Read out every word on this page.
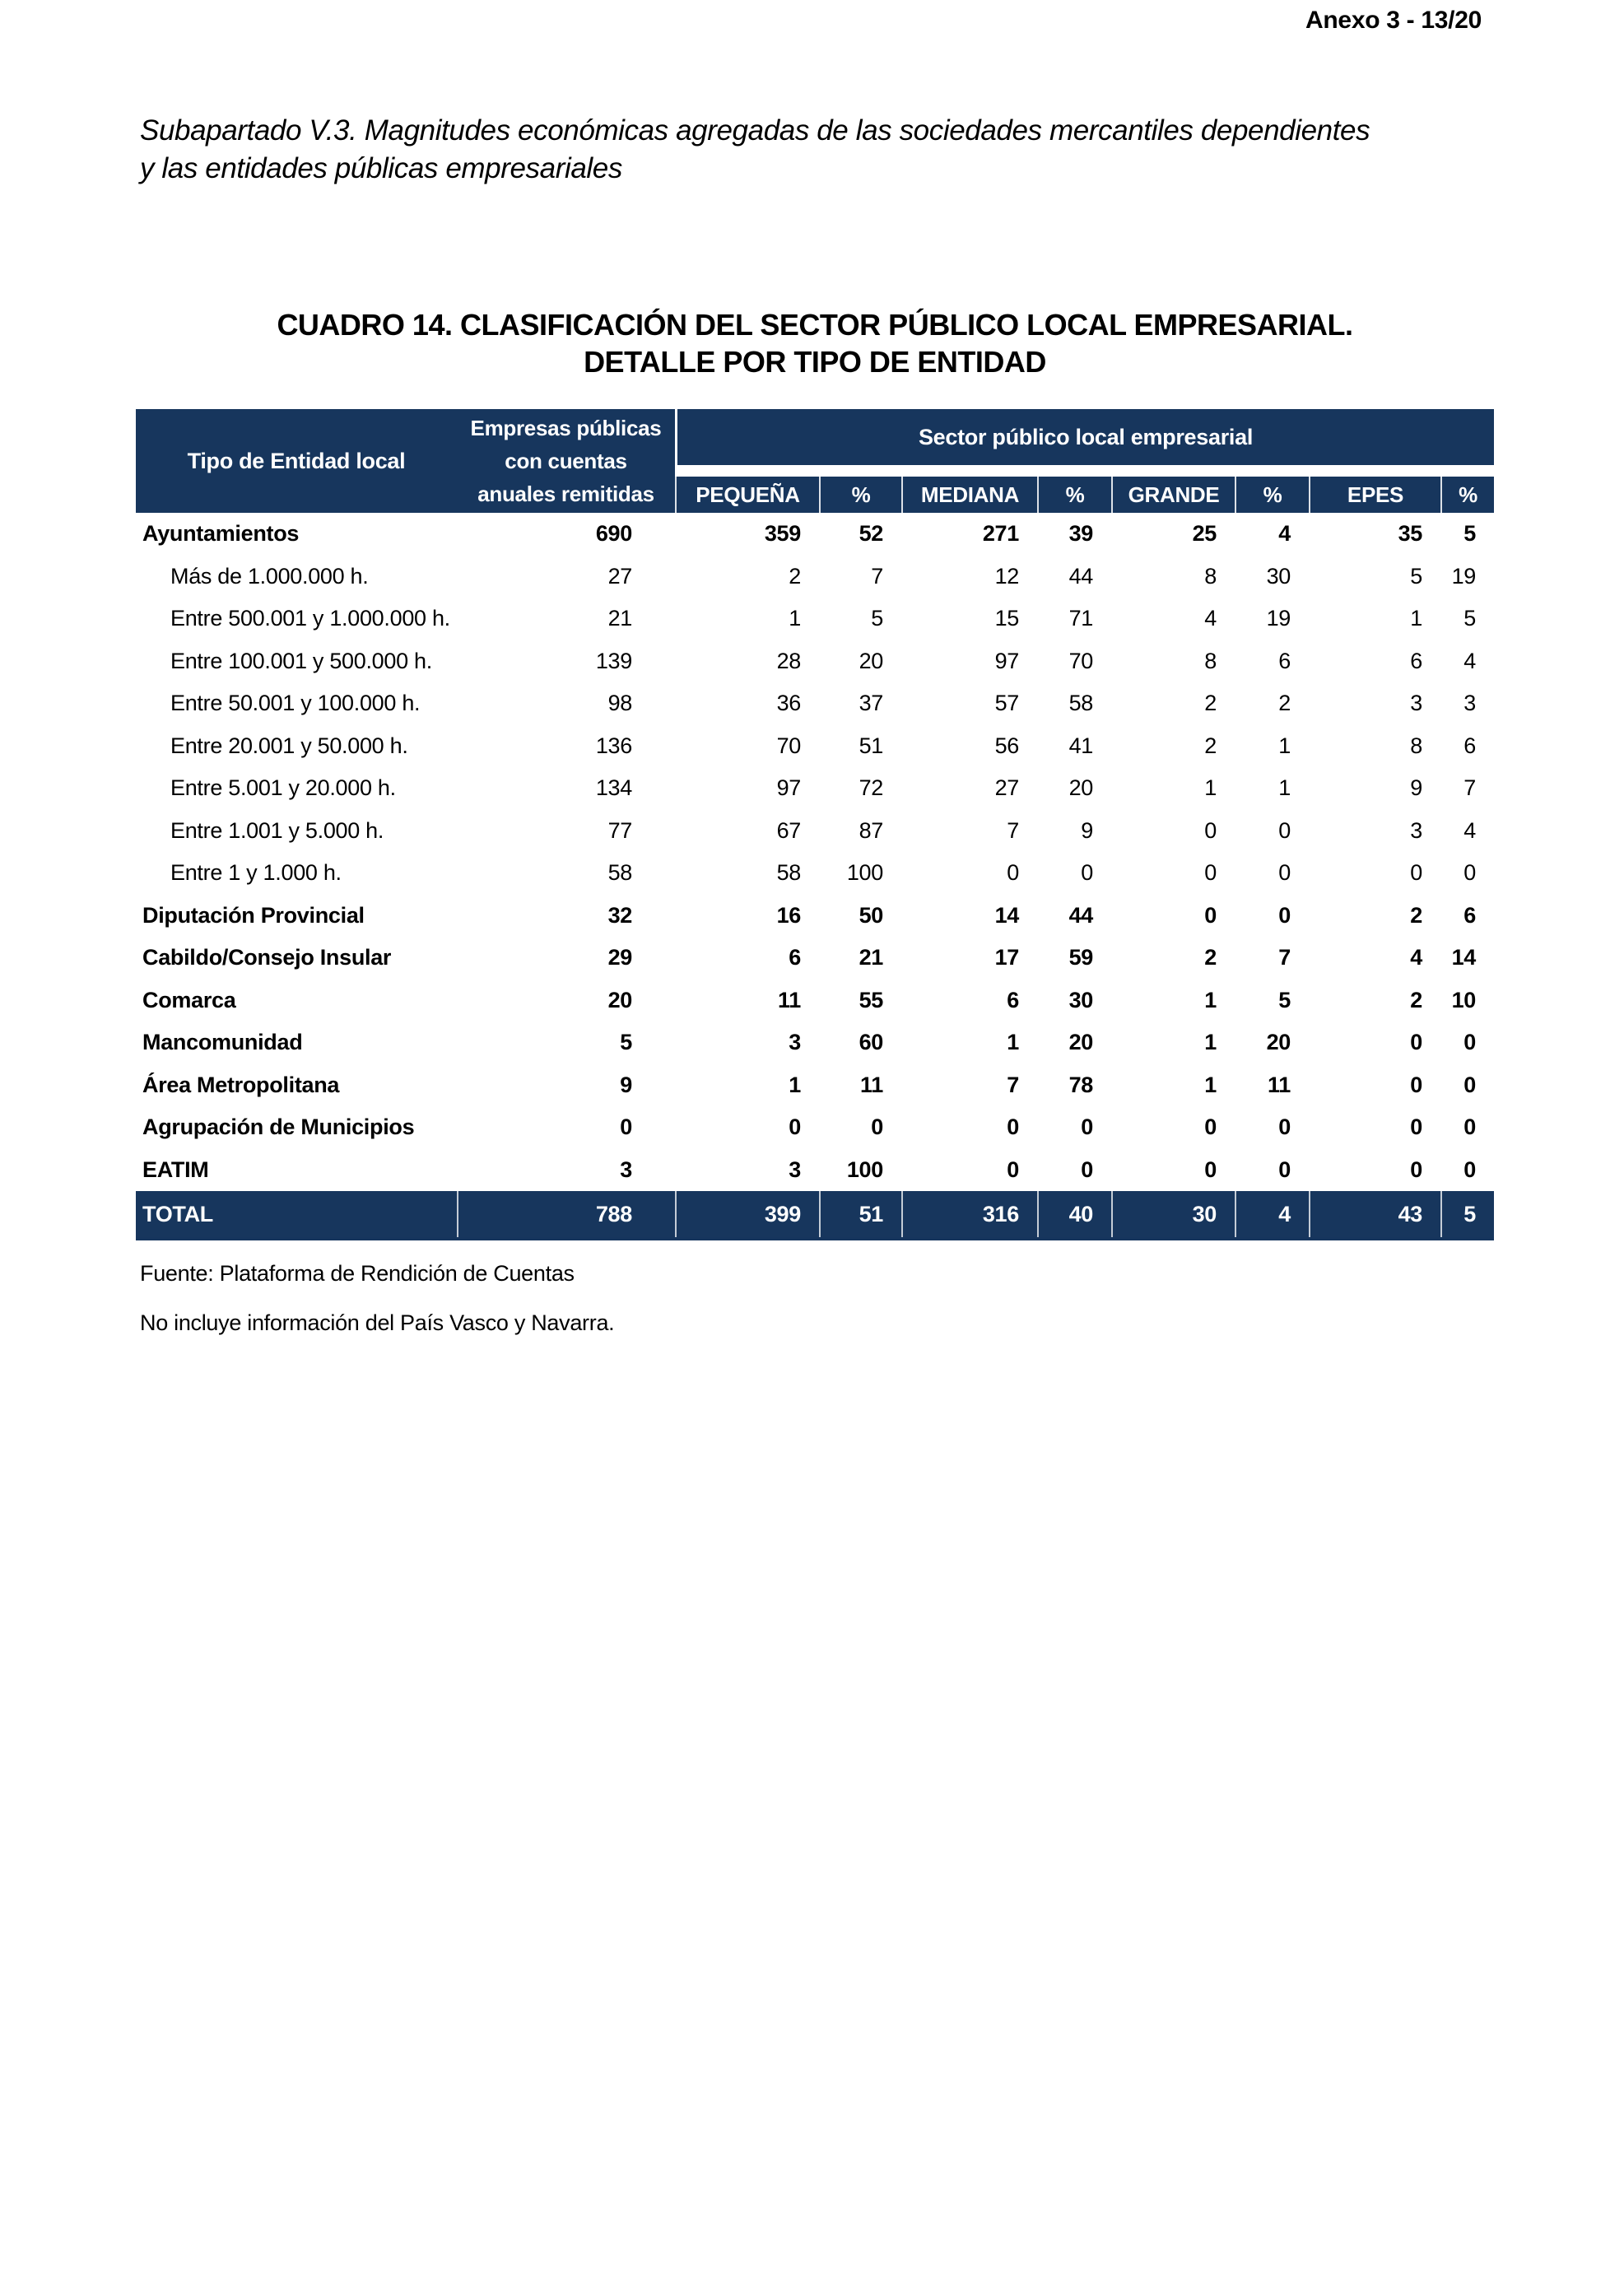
Anexo 3 - 13/20
Subapartado V.3. Magnitudes económicas agregadas de las sociedades mercantiles dependientes
y las entidades públicas empresariales
CUADRO 14. CLASIFICACIÓN DEL SECTOR PÚBLICO LOCAL EMPRESARIAL.
DETALLE POR TIPO DE ENTIDAD
Tipo de Entidad local
Empresas públicas con cuentas anuales remitidas
Sector público local empresarial
PEQUEÑA	%	MEDIANA	%	GRANDE	%	EPES	%
Ayuntamientos	690	359	52	271	39	25	4	35	5
Más de 1.000.000 h.	27	2	7	12	44	8	30	5	19
Entre 500.001 y 1.000.000 h.	21	1	5	15	71	4	19	1	5
Entre 100.001 y 500.000 h.	139	28	20	97	70	8	6	6	4
Entre 50.001 y 100.000 h.	98	36	37	57	58	2	2	3	3
Entre 20.001 y 50.000 h.	136	70	51	56	41	2	1	8	6
Entre 5.001 y 20.000 h.	134	97	72	27	20	1	1	9	7
Entre 1.001 y 5.000 h.	77	67	87	7	9	0	0	3	4
Entre 1 y 1.000 h.	58	58	100	0	0	0	0	0	0
Diputación Provincial	32	16	50	14	44	0	0	2	6
Cabildo/Consejo Insular	29	6	21	17	59	2	7	4	14
Comarca	20	11	55	6	30	1	5	2	10
Mancomunidad	5	3	60	1	20	1	20	0	0
Área Metropolitana	9	1	11	7	78	1	11	0	0
Agrupación de Municipios	0	0	0	0	0	0	0	0	0
EATIM	3	3	100	0	0	0	0	0	0
TOTAL	788	399	51	316	40	30	4	43	5
Fuente: Plataforma de Rendición de Cuentas
No incluye información del País Vasco y Navarra.
